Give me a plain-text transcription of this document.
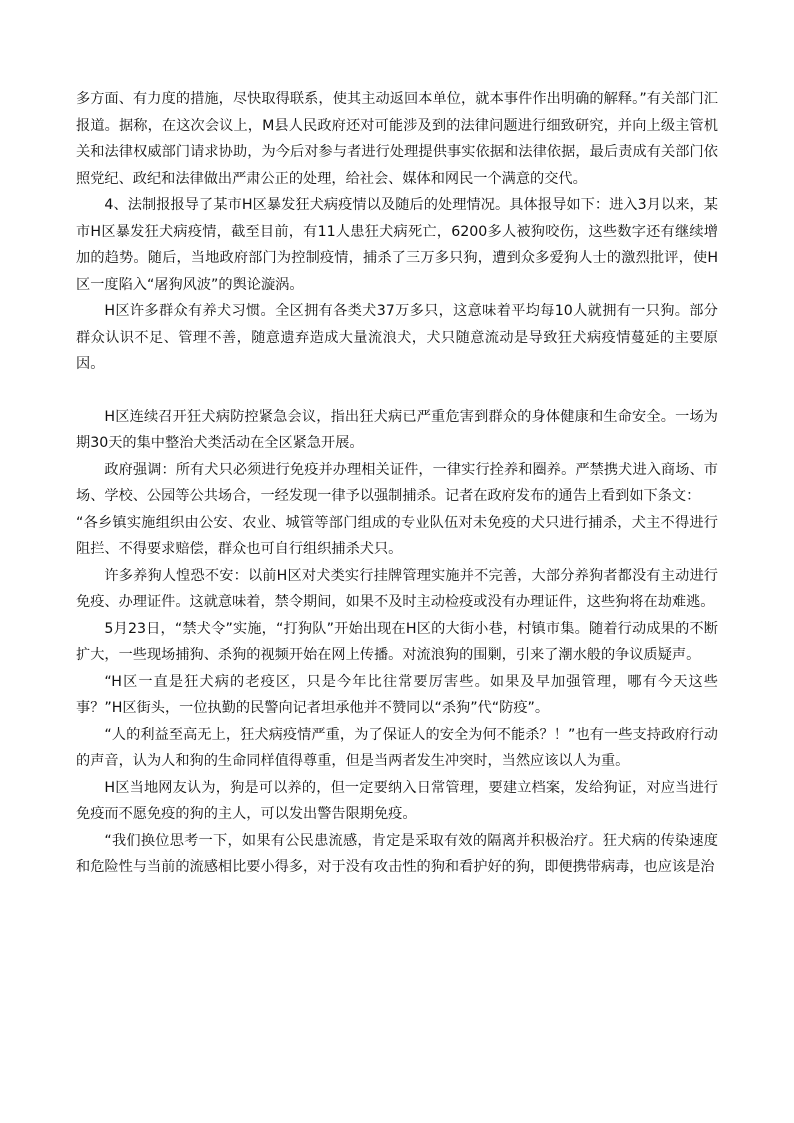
多方面、有力度的措施，尽快取得联系，使其主动返回本单位，就本事件作出明确的解释。”有关部门汇报道。据称，在这次会议上，M县人民政府还对可能涉及到的法律问题进行细致研究，并向上级主管机关和法律权威部门请求协助，为今后对参与者进行处理提供事实依据和法律依据，最后责成有关部门依照党纪、政纪和法律做出严肃公正的处理，给社会、媒体和网民一个满意的交代。

4、法制报报导了某市H区暴发狂犬病疫情以及随后的处理情况。具体报导如下：进入3月以来，某市H区暴发狂犬病疫情，截至目前，有11人患狂犬病死亡，6200多人被狗咬伤，这些数字还有继续增加的趋势。随后，当地政府部门为控制疫情，捕杀了三万多只狗，遭到众多爱狗人士的激烈批评，使H区一度陷入“屠狗风波”的舆论漩涡。

H区许多群众有养犬习惯。全区拥有各类犬37万多只，这意味着平均每10人就拥有一只狗。部分群众认识不足、管理不善，随意遗弃造成大量流浪犬，犬只随意流动是导致狂犬病疫情蔓延的主要原因。

H区连续召开狂犬病防控紧急会议，指出狂犬病已严重危害到群众的身体健康和生命安全。一场为期30天的集中整治犬类活动在全区紧急开展。

政府强调：所有犬只必须进行免疫并办理相关证件，一律实行拴养和圈养。严禁携犬进入商场、市场、学校、公园等公共场合，一经发现一律予以强制捕杀。记者在政府发布的通告上看到如下条文：

“各乡镇实施组织由公安、农业、城管等部门组成的专业队伍对未免疫的犬只进行捕杀，犬主不得进行阻拦、不得要求赔偿，群众也可自行组织捕杀犬只。

许多养狗人惶恐不安：以前H区对犬类实行挂牌管理实施并不完善，大部分养狗者都没有主动进行免疫、办理证件。这就意味着，禁令期间，如果不及时主动检疫或没有办理证件，这些狗将在劫难逃。

5月23日，“禁犬令”实施，“打狗队”开始出现在H区的大街小巷，村镇市集。随着行动成果的不断扩大，一些现场捕狗、杀狗的视频开始在网上传播。对流浪狗的围剿，引来了潮水般的争议质疑声。

“H区一直是狂犬病的老疫区，只是今年比往常要厉害些。如果及早加强管理，哪有今天这些事？”H区街头，一位执勤的民警向记者坦承他并不赞同以“杀狗”代“防疫”。

“人的利益至高无上，狂犬病疫情严重，为了保证人的安全为何不能杀？！”也有一些支持政府行动的声音，认为人和狗的生命同样值得尊重，但是当两者发生冲突时，当然应该以人为重。

H区当地网友认为，狗是可以养的，但一定要纳入日常管理，要建立档案，发给狗证，对应当进行免疫而不愿免疫的狗的主人，可以发出警告限期免疫。

“我们换位思考一下，如果有公民患流感，肯定是采取有效的隔离并积极治疗。狂犬病的传染速度和危险性与当前的流感相比要小得多，对于没有攻击性的狗和看护好的狗，即便携带病毒，也应该是治
